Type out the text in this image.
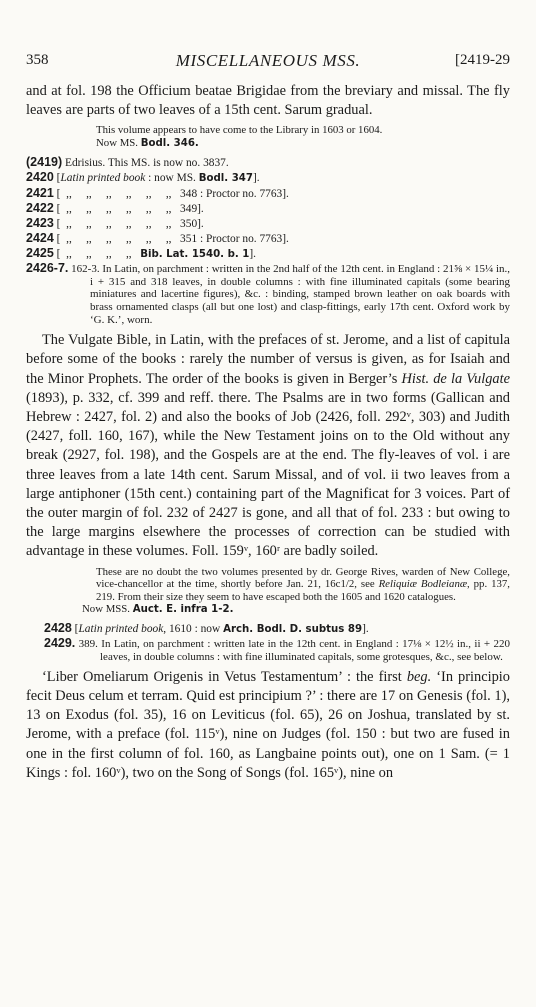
358	MISCELLANEOUS MSS.	[2419-29

and at fol. 198 the Officium beatae Brigidae from the breviary and missal. The fly leaves are parts of two leaves of a 15th cent. Sarum gradual.

This volume appears to have come to the Library in 1603 or 1604.

Now MS. Bodl. 346.

(2419) Edrisius. This MS. is now no. 3837.

2420 [Latin printed book : now MS. Bodl. 347].

2421 [  ,,     ,,     ,,     ,,     ,,     ,,   348 : Proctor no. 7763].

2422 [  ,,     ,,     ,,     ,,     ,,     ,,   349].

2423 [  ,,     ,,     ,,     ,,     ,,     ,,   350].

2424 [  ,,     ,,     ,,     ,,     ,,     ,,   351 : Proctor no. 7763].

2425 [  ,,     ,,     ,,     ,,   Bib. Lat. 1540. b. 1].

2426-7. 162-3. In Latin, on parchment : written in the 2nd half of the 12th cent. in England : 21⅝ × 15¼ in., i + 315 and 318 leaves, in double columns : with fine illuminated capitals (some bearing miniatures and lacertine figures), &c. : binding, stamped brown leather on oak boards with brass ornamented clasps (all but one lost) and clasp-fittings, early 17th cent. Oxford work by ‘G. K.’, worn.

The Vulgate Bible, in Latin, with the prefaces of st. Jerome, and a list of capitula before some of the books : rarely the number of versus is given, as for Isaiah and the Minor Prophets. The order of the books is given in Berger’s Hist. de la Vulgate (1893), p. 332, cf. 399 and reff. there. The Psalms are in two forms (Gallican and Hebrew : 2427, fol. 2) and also the books of Job (2426, foll. 292ᵛ, 303) and Judith (2427, foll. 160, 167), while the New Testament joins on to the Old without any break (2927, fol. 198), and the Gospels are at the end. The fly-leaves of vol. i are three leaves from a late 14th cent. Sarum Missal, and of vol. ii two leaves from a large antiphoner (15th cent.) containing part of the Magnificat for 3 voices. Part of the outer margin of fol. 232 of 2427 is gone, and all that of fol. 233 : but owing to the large margins elsewhere the processes of correction can be studied with advantage in these volumes. Foll. 159ᵛ, 160ʳ are badly soiled.

These are no doubt the two volumes presented by dr. George Rives, warden of New College, vice-chancellor at the time, shortly before Jan. 21, 16c1/2, see Reliquiæ Bodleianæ, pp. 137, 219. From their size they seem to have escaped both the 1605 and 1620 catalogues.

Now MSS. Auct. E. infra 1-2.

2428 [Latin printed book, 1610 : now Arch. Bodl. D. subtus 89].

2429. 389. In Latin, on parchment : written late in the 12th cent. in England : 17⅛ × 12½ in., ii + 220 leaves, in double columns : with fine illuminated capitals, some grotesques, &c., see below.

‘Liber Omeliarum Origenis in Vetus Testamentum’ : the first beg. ‘In principio fecit Deus celum et terram. Quid est principium ?’ : there are 17 on Genesis (fol. 1), 13 on Exodus (fol. 35), 16 on Leviticus (fol. 65), 26 on Joshua, translated by st. Jerome, with a preface (fol. 115ᵛ), nine on Judges (fol. 150 : but two are fused in one in the first column of fol. 160, as Langbaine points out), one on 1 Sam. (= 1 Kings : fol. 160ᵛ), two on the Song of Songs (fol. 165ᵛ), nine on
